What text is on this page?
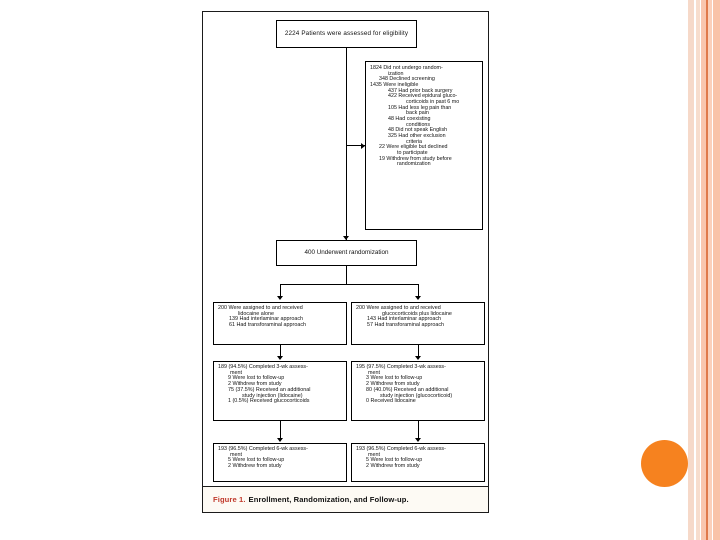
2224 Patients were assessed for eligibility
1824 Did not undergo random-
ization
348 Declined screening
1435 Were ineligible
437 Had prior back surgery
422 Received epidural gluco-
corticoids in past 6 mo
105 Had less leg pain than
back pain
48 Had coexisting
conditions
48 Did not speak English
325 Had other exclusion
criteria
22 Were eligible but declined
to participate
19 Withdrew from study before
randomization
400 Underwent randomization
200 Were assigned to and received
lidocaine alone
139 Had interlaminar approach
61 Had transforaminal approach
200 Were assigned to and received
glucocorticoids plus lidocaine
143 Had interlaminar approach
57 Had transforaminal approach
189 (94.5%) Completed 3-wk assess-
ment
9 Were lost to follow-up
2 Withdrew from study
75 (37.5%) Received an additional
study injection (lidocaine)
1 (0.5%) Received glucocorticoids
195 (97.5%) Completed 3-wk assess-
ment
3 Were lost to follow-up
2 Withdrew from study
80 (40.0%) Received an additional
study injection (glucocorticoid)
0 Received lidocaine
193 (96.5%) Completed 6-wk assess-
ment
5 Were lost to follow-up
2 Withdrew from study
193 (96.5%) Completed 6-wk assess-
ment
5 Were lost to follow-up
2 Withdrew from study
Figure 1. Enrollment, Randomization, and Follow-up.
